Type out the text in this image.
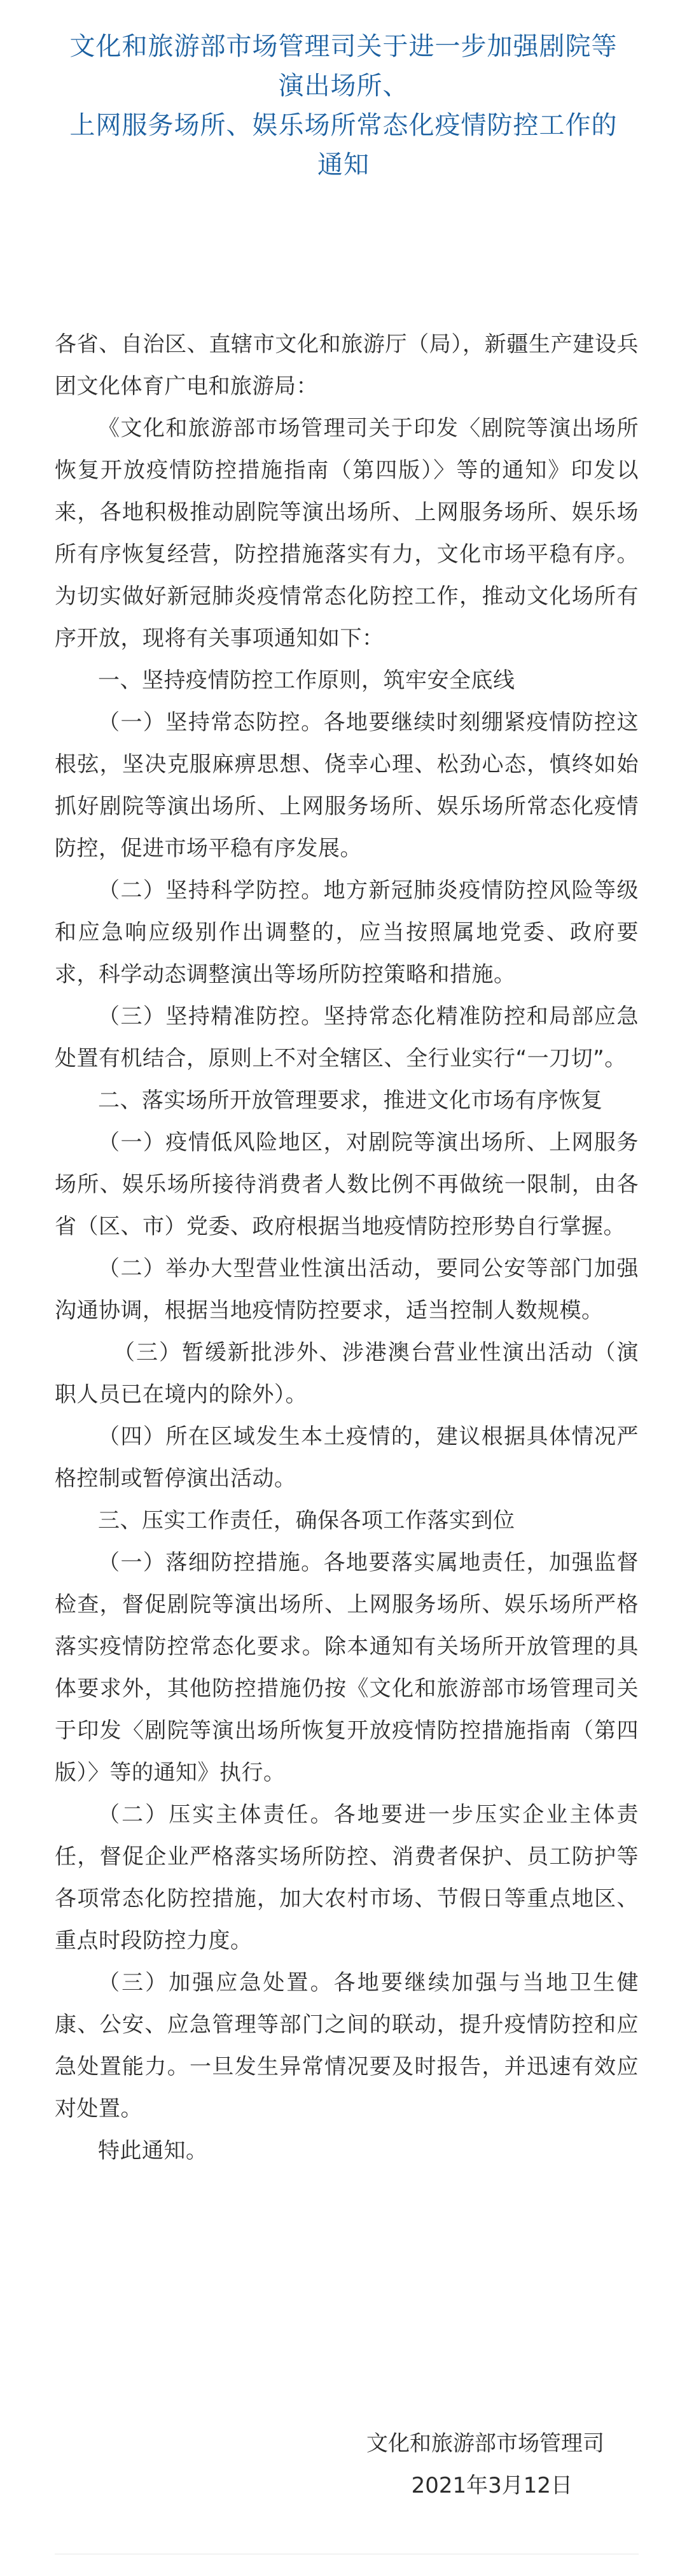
文化和旅游部市场管理司关于进一步加强剧院等
演出场所、
上网服务场所、娱乐场所常态化疫情防控工作的
通知

各省、自治区、直辖市文化和旅游厅（局），新疆生产建设兵团文化体育广电和旅游局：

《文化和旅游部市场管理司关于印发〈剧院等演出场所恢复开放疫情防控措施指南（第四版）〉等的通知》印发以来，各地积极推动剧院等演出场所、上网服务场所、娱乐场所有序恢复经营，防控措施落实有力，文化市场平稳有序。为切实做好新冠肺炎疫情常态化防控工作，推动文化场所有序开放，现将有关事项通知如下：

一、坚持疫情防控工作原则，筑牢安全底线

（一）坚持常态防控。各地要继续时刻绷紧疫情防控这根弦，坚决克服麻痹思想、侥幸心理、松劲心态，慎终如始抓好剧院等演出场所、上网服务场所、娱乐场所常态化疫情防控，促进市场平稳有序发展。

（二）坚持科学防控。地方新冠肺炎疫情防控风险等级和应急响应级别作出调整的，应当按照属地党委、政府要求，科学动态调整演出等场所防控策略和措施。

（三）坚持精准防控。坚持常态化精准防控和局部应急处置有机结合，原则上不对全辖区、全行业实行“一刀切”。

二、落实场所开放管理要求，推进文化市场有序恢复

（一）疫情低风险地区，对剧院等演出场所、上网服务场所、娱乐场所接待消费者人数比例不再做统一限制，由各省（区、市）党委、政府根据当地疫情防控形势自行掌握。

（二）举办大型营业性演出活动，要同公安等部门加强沟通协调，根据当地疫情防控要求，适当控制人数规模。

（三）暂缓新批涉外、涉港澳台营业性演出活动（演职人员已在境内的除外）。

（四）所在区域发生本土疫情的，建议根据具体情况严格控制或暂停演出活动。

三、压实工作责任，确保各项工作落实到位

（一）落细防控措施。各地要落实属地责任，加强监督检查，督促剧院等演出场所、上网服务场所、娱乐场所严格落实疫情防控常态化要求。除本通知有关场所开放管理的具体要求外，其他防控措施仍按《文化和旅游部市场管理司关于印发〈剧院等演出场所恢复开放疫情防控措施指南（第四版）〉等的通知》执行。

（二）压实主体责任。各地要进一步压实企业主体责任，督促企业严格落实场所防控、消费者保护、员工防护等各项常态化防控措施，加大农村市场、节假日等重点地区、重点时段防控力度。

（三）加强应急处置。各地要继续加强与当地卫生健康、公安、应急管理等部门之间的联动，提升疫情防控和应急处置能力。一旦发生异常情况要及时报告，并迅速有效应对处置。

特此通知。

文化和旅游部市场管理司
2021年3月12日
